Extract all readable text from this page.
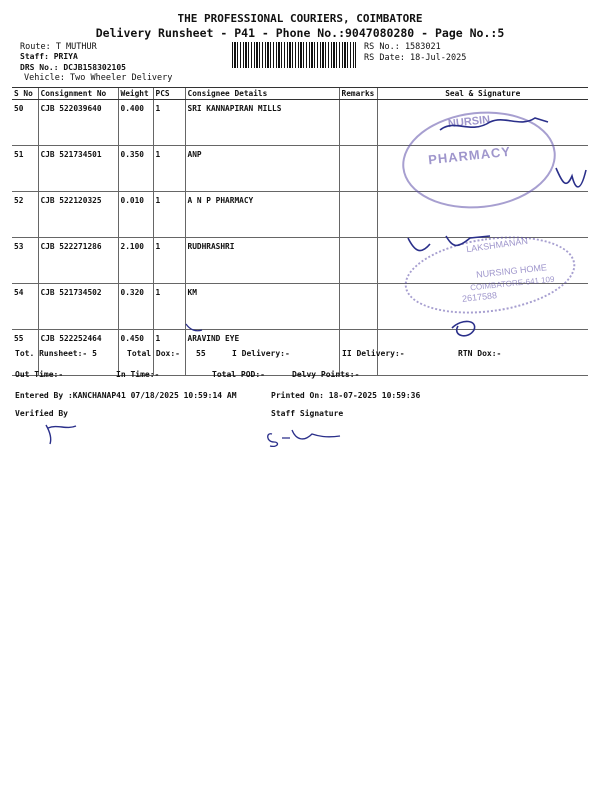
THE PROFESSIONAL COURIERS, COIMBATORE
Delivery Runsheet - P41 - Phone No.:9047080280 - Page No.:5
Route: T MUTHUR
Staff: PRIYA
DRS No.: DCJB158302105
Vehicle: Two Wheeler Delivery
RS No.: 1583021
RS Date: 18-Jul-2025
S No	Consignment No	Weight	PCS	Consignee Details	Remarks	Seal & Signature
50	CJB 522039640	0.400	1	SRI KANNAPIRAN MILLS		
51	CJB 521734501	0.350	1	ANP		
52	CJB 522120325	0.010	1	A N P PHARMACY		
53	CJB 522271286	2.100	1	RUDHRASHRI		
54	CJB 521734502	0.320	1	KM		
55	CJB 522252464	0.450	1	ARAVIND EYE		
NURSIN
PHARMACY
LAKSHMANAN
NURSING HOME
COIMBATORE-641 109
2617588
Tot. Runsheet:- 5	Total Dox:- 55	I Delivery:-	II Delivery:-	RTN Dox:-
Out Time:-	In Time:-	Total POD:-	Delvy Points:-
Entered By :KANCHANAP41 07/18/2025 10:59:14 AM	Printed On: 18-07-2025 10:59:36
Verified By	Staff Signature
